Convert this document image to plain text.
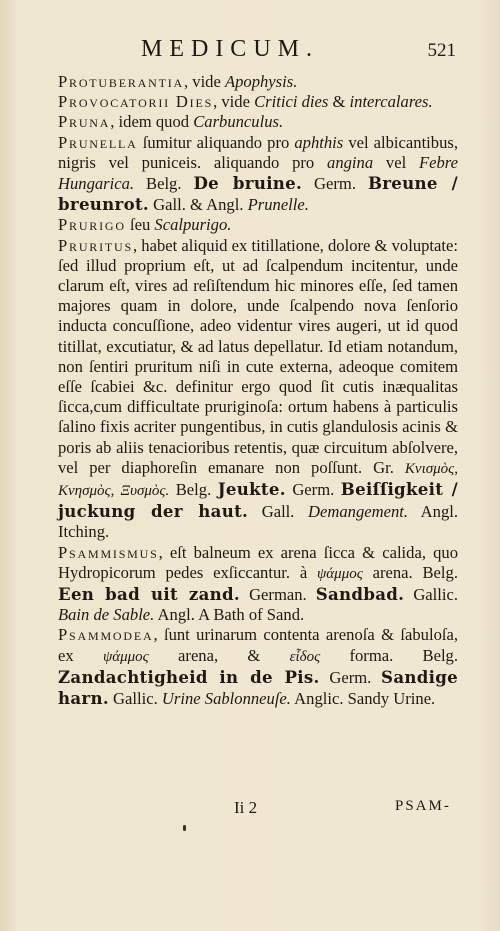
MEDICUM.	521

Protuberantia, vide Apophysis.

Provocatorii Dies, vide Critici dies & intercalares.

Pruna, idem quod Carbunculus.

Prunella ſumitur aliquando pro aphthis vel albicantibus, nigris vel puniceis. aliquando pro angina vel Febre Hungarica. Belg. De bruine. Germ. Breune / breunrot. Gall. & Angl. Prunelle.

Prurigo ſeu Scalpurigo.

Pruritus, habet aliquid ex titillatione, dolore & voluptate: ſed illud proprium eſt, ut ad ſcalpendum incitentur, unde clarum eſt, vires ad reſiſtendum hic minores eſſe, ſed tamen majores quam in dolore, unde ſcalpendo nova ſenſorio inducta concuſſione, adeo videntur vires augeri, ut id quod titillat, excutiatur, & ad latus depellatur. Id etiam notandum, non ſentiri pruritum niſi in cute externa, adeoque comitem eſſe ſcabiei &c. definitur ergo quod ſit cutis inæqualitas ſicca,cum difficultate pruriginoſa: ortum habens à particulis ſalino fixis acriter pungentibus, in cutis glandulosis acinis & poris ab aliis tenacioribus retentis, quæ circuitum abſolvere, vel per diaphoreſin emanare non poſſunt. Gr. Κνισμὸς, Κνησμὸς, Ξυσμὸς. Belg. Jeukte. Germ. Beiſſigkeit / juckung der haut. Gall. Demangement. Angl. Itching.

Psammismus, eſt balneum ex arena ſicca & calida, quo Hydropicorum pedes exſiccantur. à ψάμμος arena. Belg. Een bad uit zand. German. Sandbad. Gallic. Bain de Sable. Angl. A Bath of Sand.

Psammodea, ſunt urinarum contenta arenoſa & ſabuloſa, ex ψάμμος arena, & εἶδος forma. Belg. Zandachtigheid in de Pis. Germ. Sandige harn. Gallic. Urine Sablonneuſe. Anglic. Sandy Urine.

Ii 2	PSAM-
